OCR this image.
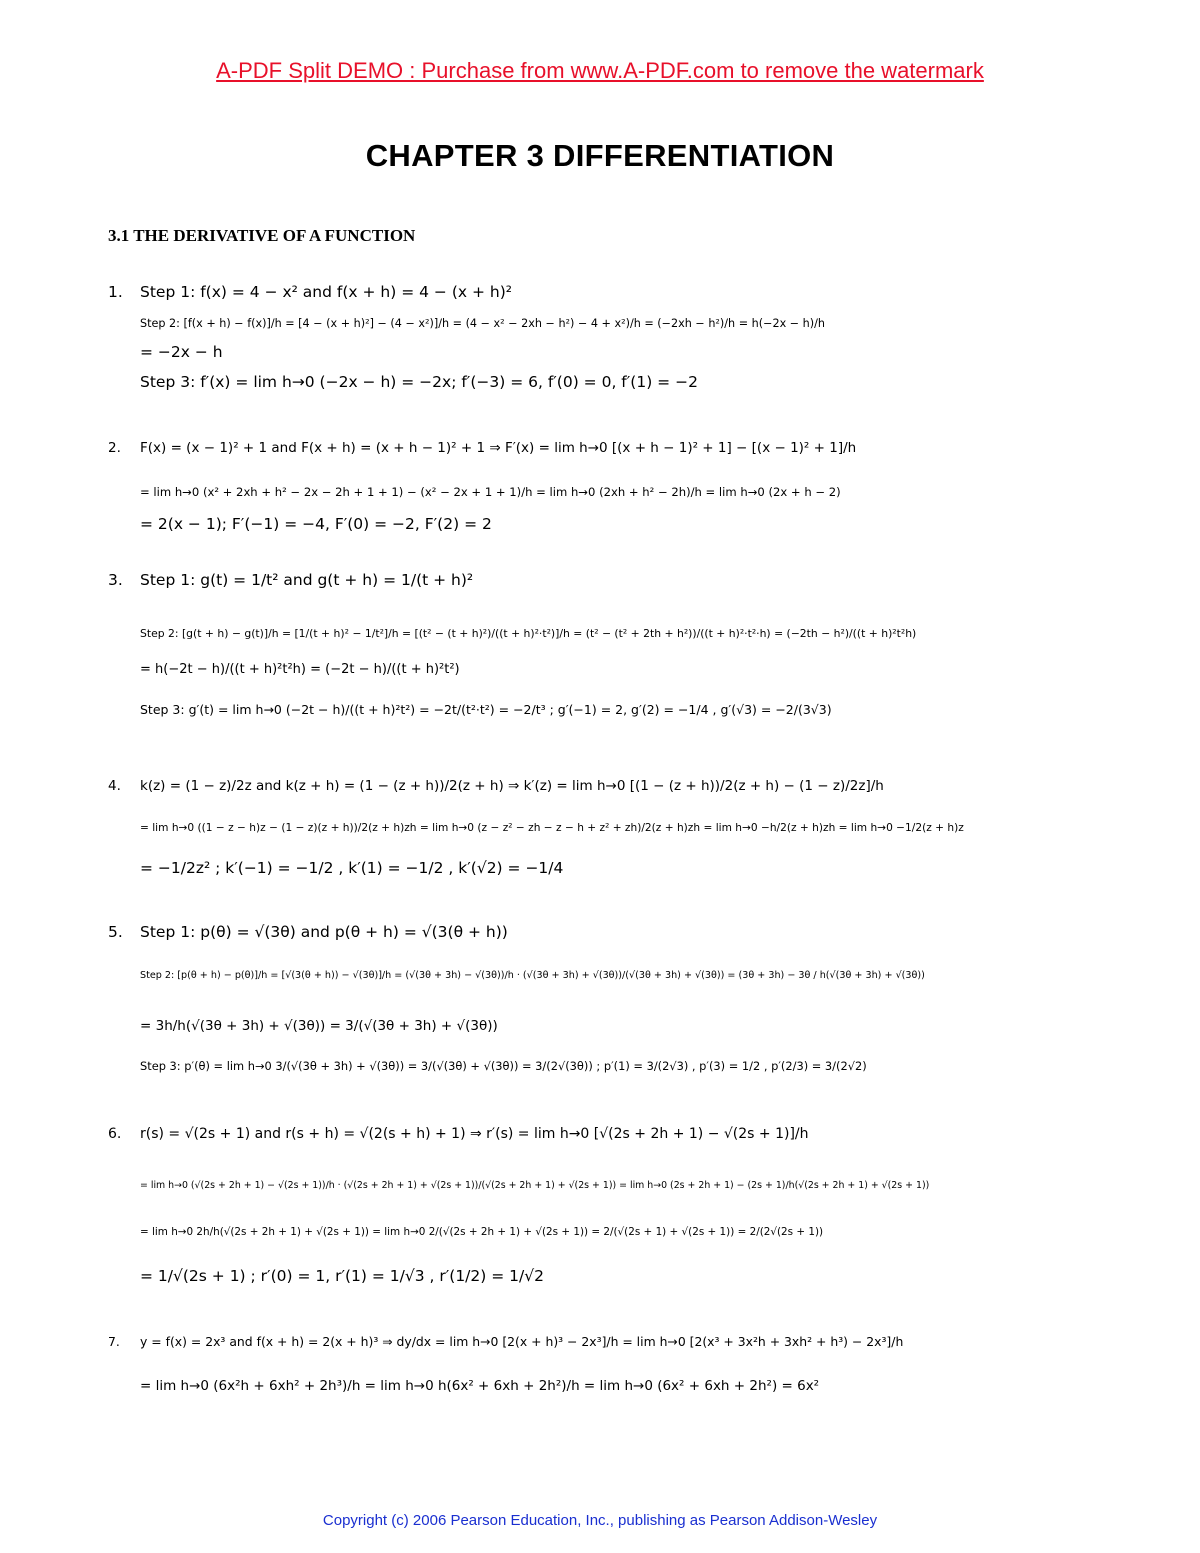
A-PDF Split DEMO : Purchase from www.A-PDF.com to remove the watermark
CHAPTER 3 DIFFERENTIATION
3.1 THE DERIVATIVE OF A FUNCTION
1. Step 1: f(x) = 4 − x² and f(x + h) = 4 − (x + h)²
Step 2: [f(x + h) − f(x)]/h = [4 − (x + h)²] − (4 − x²)]/h = (4 − x² − 2xh − h²) − 4 + x²)/h = (−2xh − h²)/h = h(−2x − h)/h
= −2x − h
Step 3: f′(x) = lim h→0 (−2x − h) = −2x; f′(−3) = 6, f′(0) = 0, f′(1) = −2
2. F(x) = (x − 1)² + 1 and F(x + h) = (x + h − 1)² + 1 ⇒ F′(x) = lim h→0 [(x + h − 1)² + 1] − [(x − 1)² + 1]/h
= lim h→0 (x² + 2xh + h² − 2x − 2h + 1 + 1) − (x² − 2x + 1 + 1)/h = lim h→0 (2xh + h² − 2h)/h = lim h→0 (2x + h − 2)
= 2(x − 1); F′(−1) = −4, F′(0) = −2, F′(2) = 2
3. Step 1: g(t) = 1/t² and g(t + h) = 1/(t + h)²
Step 2: [g(t + h) − g(t)]/h = [1/(t + h)² − 1/t²]/h = [(t² − (t + h)²)/((t + h)²·t²)]/h = (t² − (t² + 2th + h²))/((t + h)²·t²·h) = (−2th − h²)/((t + h)²t²h)
= h(−2t − h)/((t + h)²t²h) = (−2t − h)/((t + h)²t²)
Step 3: g′(t) = lim h→0 (−2t − h)/((t + h)²t²) = −2t/(t²·t²) = −2/t³ ; g′(−1) = 2, g′(2) = −1/4 , g′(√3) = −2/(3√3)
4. k(z) = (1 − z)/2z and k(z + h) = (1 − (z + h))/2(z + h) ⇒ k′(z) = lim h→0 [(1 − (z + h))/2(z + h) − (1 − z)/2z]/h
= lim h→0 ((1 − z − h)z − (1 − z)(z + h))/2(z + h)zh = lim h→0 (z − z² − zh − z − h + z² + zh)/2(z + h)zh = lim h→0 −h/2(z + h)zh = lim h→0 −1/2(z + h)z
= −1/2z² ; k′(−1) = −1/2 , k′(1) = −1/2 , k′(√2) = −1/4
5. Step 1: p(θ) = √(3θ) and p(θ + h) = √(3(θ + h))
Step 2: [p(θ + h) − p(θ)]/h = [√(3(θ + h)) − √(3θ)]/h = (√(3θ + 3h) − √(3θ))/h · (√(3θ + 3h) + √(3θ))/(√(3θ + 3h) + √(3θ)) = (3θ + 3h) − 3θ / h(√(3θ + 3h) + √(3θ))
= 3h/h(√(3θ + 3h) + √(3θ)) = 3/(√(3θ + 3h) + √(3θ))
Step 3: p′(θ) = lim h→0 3/(√(3θ + 3h) + √(3θ)) = 3/(√(3θ) + √(3θ)) = 3/(2√(3θ)) ; p′(1) = 3/(2√3) , p′(3) = 1/2 , p′(2/3) = 3/(2√2)
6. r(s) = √(2s + 1) and r(s + h) = √(2(s + h) + 1) ⇒ r′(s) = lim h→0 [√(2s + 2h + 1) − √(2s + 1)]/h
= lim h→0 (√(2s + 2h + 1) − √(2s + 1))/h · (√(2s + 2h + 1) + √(2s + 1))/(√(2s + 2h + 1) + √(2s + 1)) = lim h→0 (2s + 2h + 1) − (2s + 1)/h(√(2s + 2h + 1) + √(2s + 1))
= lim h→0 2h/h(√(2s + 2h + 1) + √(2s + 1)) = lim h→0 2/(√(2s + 2h + 1) + √(2s + 1)) = 2/(√(2s + 1) + √(2s + 1)) = 2/(2√(2s + 1))
= 1/√(2s + 1) ; r′(0) = 1, r′(1) = 1/√3 , r′(1/2) = 1/√2
7. y = f(x) = 2x³ and f(x + h) = 2(x + h)³ ⇒ dy/dx = lim h→0 [2(x + h)³ − 2x³]/h = lim h→0 [2(x³ + 3x²h + 3xh² + h³) − 2x³]/h
= lim h→0 (6x²h + 6xh² + 2h³)/h = lim h→0 h(6x² + 6xh + 2h²)/h = lim h→0 (6x² + 6xh + 2h²) = 6x²
Copyright (c) 2006 Pearson Education, Inc., publishing as Pearson Addison-Wesley
